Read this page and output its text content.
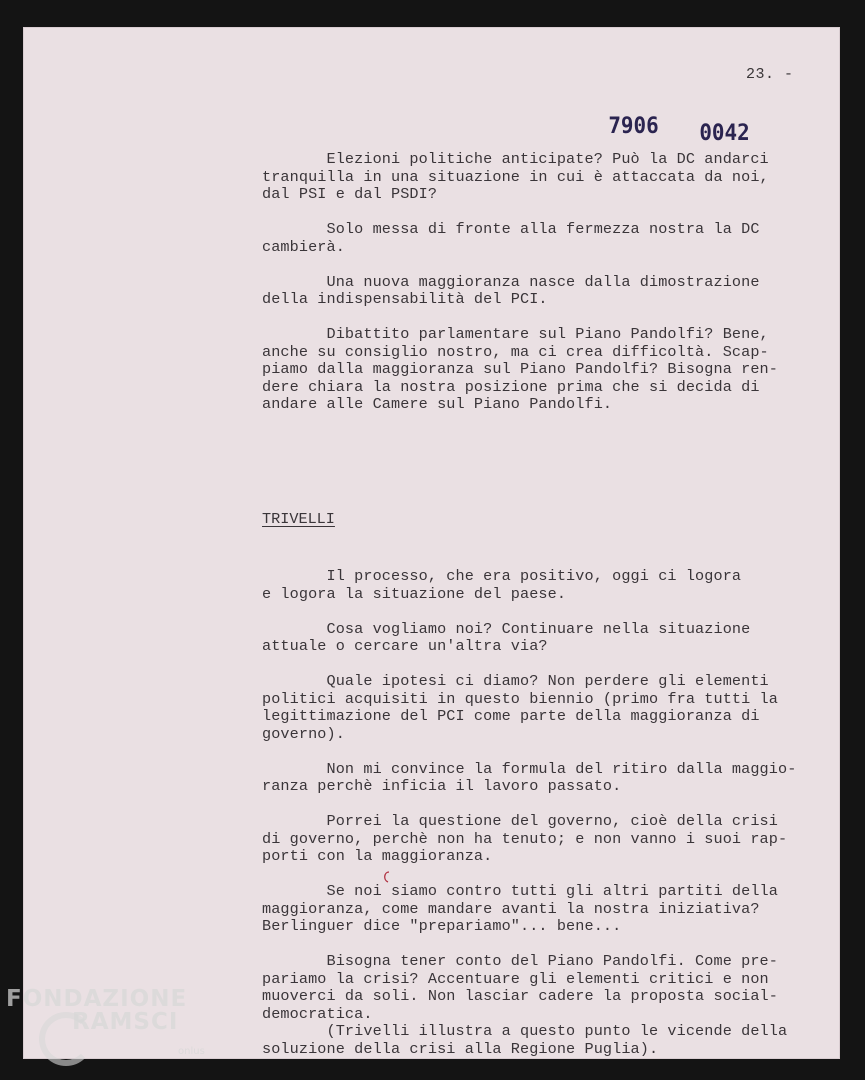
23. -
7906 0042
Elezioni politiche anticipate? Può la DC andarci
tranquilla in una situazione in cui è attaccata da noi,
dal PSI e dal PSDI?
Solo messa di fronte alla fermezza nostra la DC
cambierà.
Una nuova maggioranza nasce dalla dimostrazione
della indispensabilità del PCI.
Dibattito parlamentare sul Piano Pandolfi? Bene,
anche su consiglio nostro, ma ci crea difficoltà. Scap-
piamo dalla maggioranza sul Piano Pandolfi? Bisogna ren-
dere chiara la nostra posizione prima che si decida di
andare alle Camere sul Piano Pandolfi.
TRIVELLI
Il processo, che era positivo, oggi ci logora
e logora la situazione del paese.
Cosa vogliamo noi? Continuare nella situazione
attuale o cercare un'altra via?
Quale ipotesi ci diamo? Non perdere gli elementi
politici acquisiti in questo biennio (primo fra tutti la
legittimazione del PCI come parte della maggioranza di
governo).
Non mi convince la formula del ritiro dalla maggio-
ranza perchè inficia il lavoro passato.
Porrei la questione del governo, cioè della crisi
di governo, perchè non ha tenuto; e non vanno i suoi rap-
porti con la maggioranza.
Se noi siamo contro tutti gli altri partiti della
maggioranza, come mandare avanti la nostra iniziativa?
Berlinguer dice "prepariamo"... bene...
Bisogna tener conto del Piano Pandolfi. Come pre-
pariamo la crisi? Accentuare gli elementi critici e non
muoverci da soli. Non lasciar cadere la proposta social-
democratica.
(Trivelli illustra a questo punto le vicende della
soluzione della crisi alla Regione Puglia).
FONDAZIONE
RAMSCI
onlus
